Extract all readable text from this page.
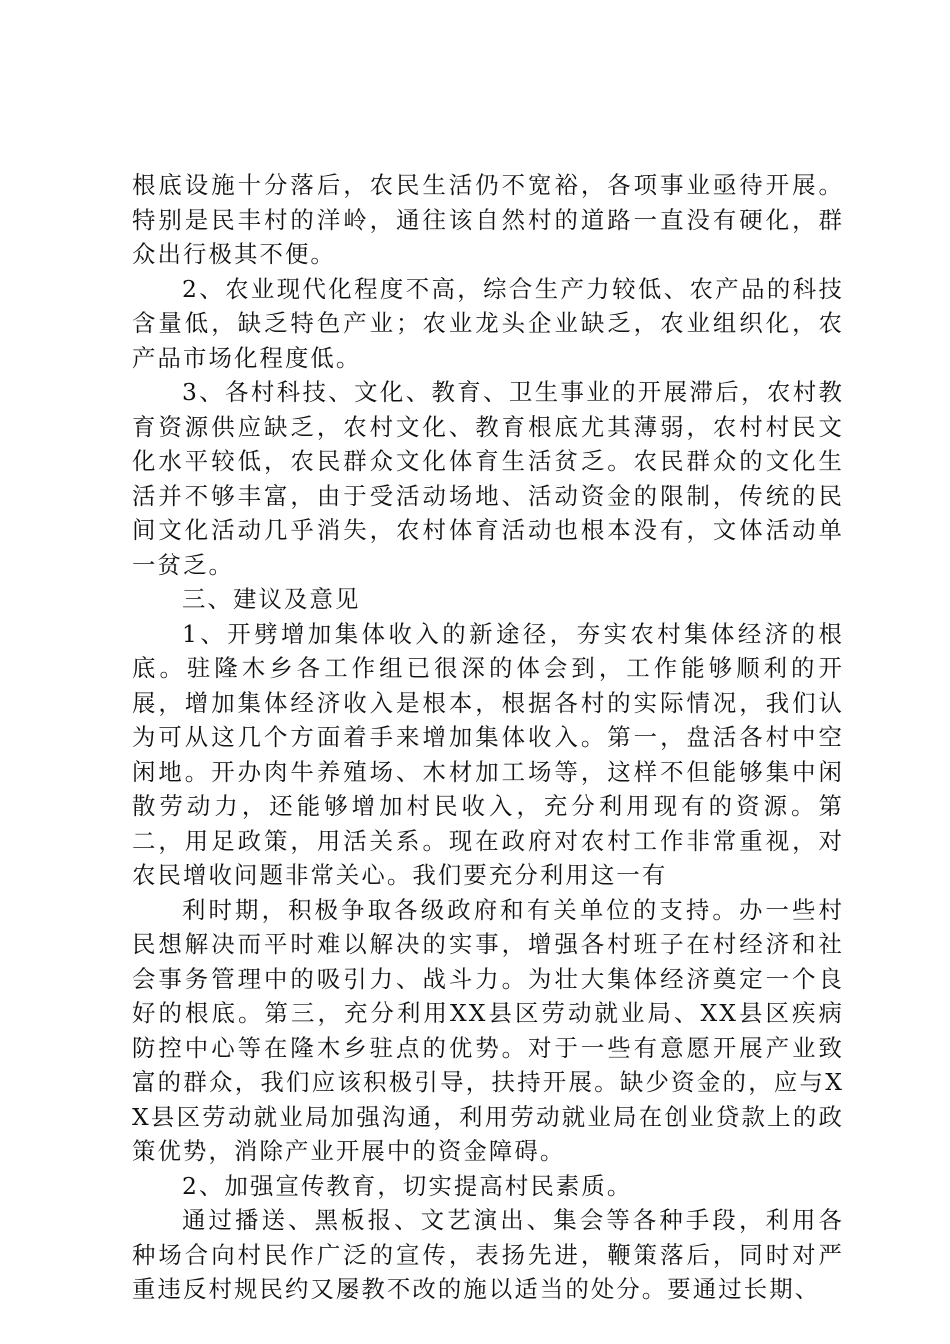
根底设施十分落后，农民生活仍不宽裕，各项事业亟待开展。特别是民丰村的洋岭，通往该自然村的道路一直没有硬化，群众出行极其不便。

2、农业现代化程度不高，综合生产力较低、农产品的科技含量低，缺乏特色产业；农业龙头企业缺乏，农业组织化，农产品市场化程度低。

3、各村科技、文化、教育、卫生事业的开展滞后，农村教育资源供应缺乏，农村文化、教育根底尤其薄弱，农村村民文化水平较低，农民群众文化体育生活贫乏。农民群众的文化生活并不够丰富，由于受活动场地、活动资金的限制，传统的民间文化活动几乎消失，农村体育活动也根本没有，文体活动单一贫乏。

三、建议及意见

1、开劈增加集体收入的新途径，夯实农村集体经济的根底。驻隆木乡各工作组已很深的体会到，工作能够顺利的开展，增加集体经济收入是根本，根据各村的实际情况，我们认为可从这几个方面着手来增加集体收入。第一，盘活各村中空闲地。开办肉牛养殖场、木材加工场等，这样不但能够集中闲散劳动力，还能够增加村民收入，充分利用现有的资源。第二，用足政策，用活关系。现在政府对农村工作非常重视，对农民增收问题非常关心。我们要充分利用这一有

利时期，积极争取各级政府和有关单位的支持。办一些村民想解决而平时难以解决的实事，增强各村班子在村经济和社会事务管理中的吸引力、战斗力。为壮大集体经济奠定一个良好的根底。第三，充分利用XX县区劳动就业局、XX县区疾病防控中心等在隆木乡驻点的优势。对于一些有意愿开展产业致富的群众，我们应该积极引导，扶持开展。缺少资金的，应与XX县区劳动就业局加强沟通，利用劳动就业局在创业贷款上的政策优势，消除产业开展中的资金障碍。

2、加强宣传教育，切实提高村民素质。

通过播送、黑板报、文艺演出、集会等各种手段，利用各种场合向村民作广泛的宣传，表扬先进，鞭策落后，同时对严重违反村规民约又屡教不改的施以适当的处分。要通过长期、
